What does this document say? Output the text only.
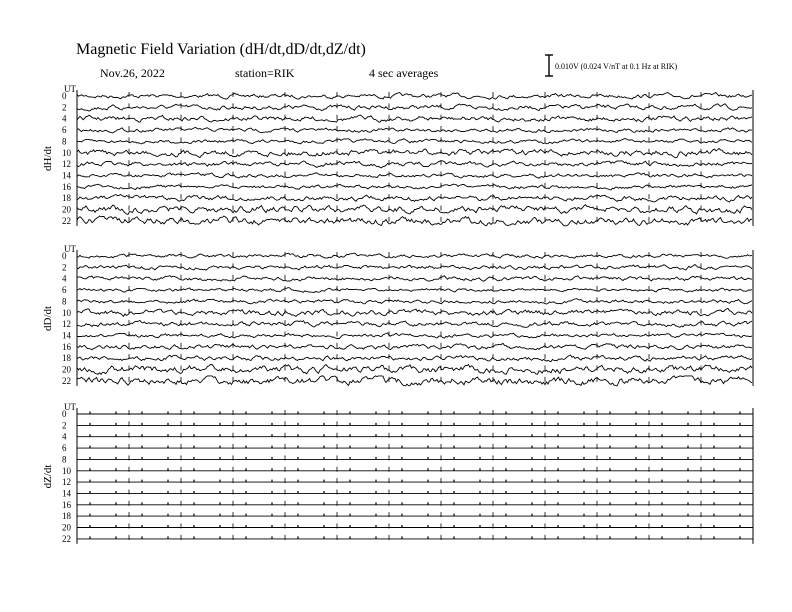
Magnetic Field Variation (dH/dt,dD/dt,dZ/dt)
Nov.26, 2022	station=RIK	4 sec averages	0.010V (0.024 V/nT at 0.1 Hz at RIK)
UT
dH/dt
0
2
4
6
8
10
12
14
16
18
20
22
UT
dD/dt
0
2
4
6
8
10
12
14
16
18
20
22
UT
dZ/dt
0
2
4
6
8
10
12
14
16
18
20
22
